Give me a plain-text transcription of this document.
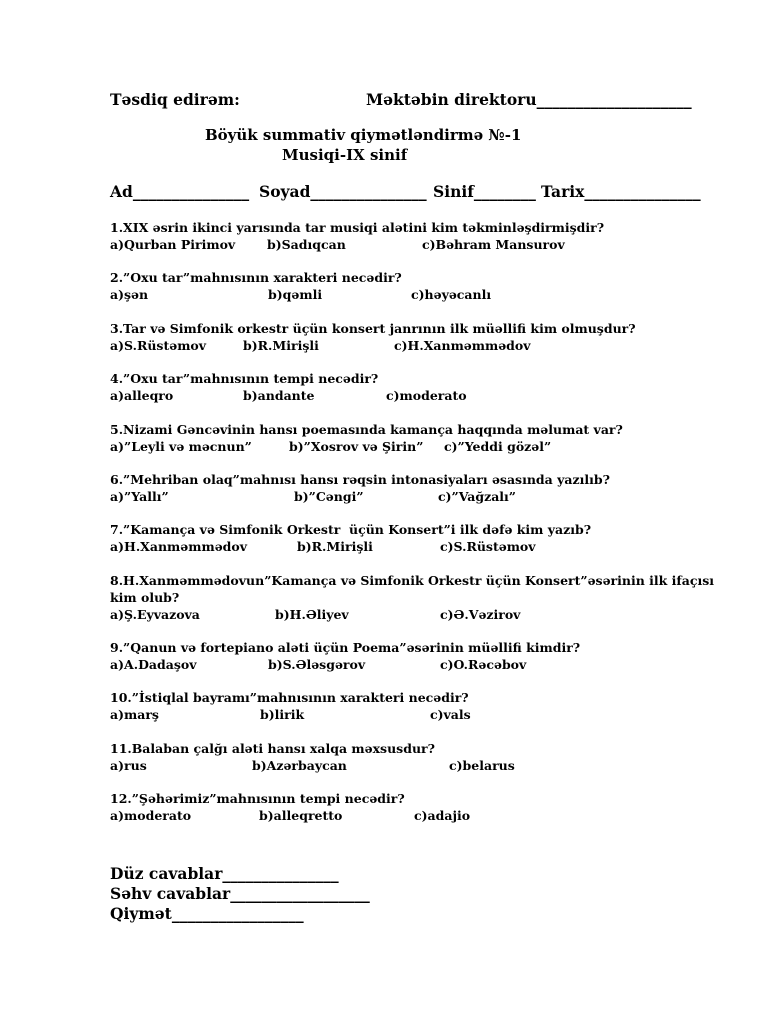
Təsdiq edirəm:	Məktəbin direktoru____________________
Böyük summativ qiymətləndirmə №-1
Musiqi-IX sinif
Ad_______________ Soyad_______________ Sinif________ Tarix_______________
1.XIX əsrin ikinci yarısında tar musiqi alətini kim təkminləşdirmişdir?
a)Qurban Pirimov	b)Sadıqcan	c)Bəhram Mansurov
2.”Oxu tar”mahnısının xarakteri necədir?
a)şən	b)qəmli	c)həyəcanlı
3.Tar və Simfonik orkestr üçün konsert janrının ilk müəllifi kim olmuşdur?
a)S.Rüstəmov	b)R.Mirişli	c)H.Xanməmmədov
4.”Oxu tar”mahnısının tempi necədir?
a)alleqro	b)andante	c)moderato
5.Nizami Gəncəvinin hansı poemasında kamança haqqında məlumat var?
a)”Leyli və məcnun”	b)”Xosrov və Şirin” c)”Yeddi gözəl”
6.”Mehriban olaq”mahnısı hansı rəqsin intonasiyaları əsasında yazılıb?
a)”Yallı”	b)”Cəngi”	c)”Vağzalı”
7.”Kamança və Simfonik Orkestr  üçün Konsert”i ilk dəfə kim yazıb?
a)H.Xanməmmədov	b)R.Mirişli	c)S.Rüstəmov
8.H.Xanməmmədovun”Kamança və Simfonik Orkestr üçün Konsert”əsərinin ilk ifaçısı
kim olub?
a)Ş.Eyvazova	b)H.Əliyev	c)Ə.Vəzirov
9.”Qanun və fortepiano aləti üçün Poema”əsərinin müəllifi kimdir?
a)A.Dadaşov	b)S.Ələsgərov	c)O.Rəcəbov
10.”İstiqlal bayramı”mahnısının xarakteri necədir?
a)marş	b)lirik	c)vals
11.Balaban çalğı aləti hansı xalqa məxsusdur?
a)rus	b)Azərbaycan	c)belarus
12.”Şəhərimiz”mahnısının tempi necədir?
a)moderato	b)alleqretto	c)adajio
Düz cavablar_______________
Səhv cavablar__________________
Qiymət_________________
